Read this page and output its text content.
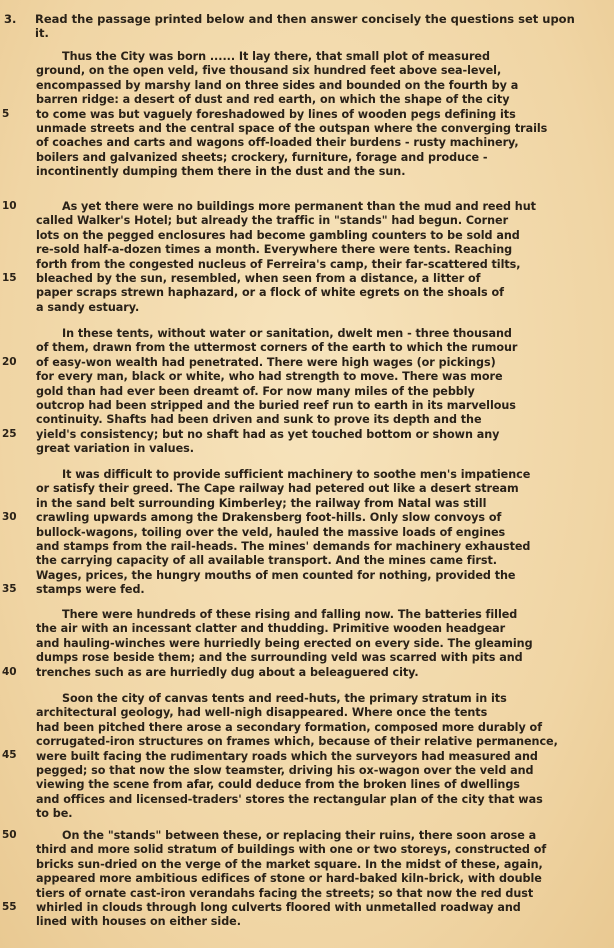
3. Read the passage printed below and then answer concisely the questions set upon
it.
Thus the City was born ...... It lay there, that small plot of measured
ground, on the open veld, five thousand six hundred feet above sea-level,
encompassed by marshy land on three sides and bounded on the fourth by a
barren ridge: a desert of dust and red earth, on which the shape of the city
to come was but vaguely foreshadowed by lines of wooden pegs defining its
unmade streets and the central space of the outspan where the converging trails
of coaches and carts and wagons off-loaded their burdens - rusty machinery,
boilers and galvanized sheets; crockery, furniture, forage and produce -
incontinently dumping them there in the dust and the sun.
As yet there were no buildings more permanent than the mud and reed hut
called Walker's Hotel; but already the traffic in "stands" had begun. Corner
lots on the pegged enclosures had become gambling counters to be sold and
re-sold half-a-dozen times a month. Everywhere there were tents. Reaching
forth from the congested nucleus of Ferreira's camp, their far-scattered tilts,
bleached by the sun, resembled, when seen from a distance, a litter of
paper scraps strewn haphazard, or a flock of white egrets on the shoals of
a sandy estuary.
In these tents, without water or sanitation, dwelt men - three thousand
of them, drawn from the uttermost corners of the earth to which the rumour
of easy-won wealth had penetrated. There were high wages (or pickings)
for every man, black or white, who had strength to move. There was more
gold than had ever been dreamt of. For now many miles of the pebbly
outcrop had been stripped and the buried reef run to earth in its marvellous
continuity. Shafts had been driven and sunk to prove its depth and the
yield's consistency; but no shaft had as yet touched bottom or shown any
great variation in values.
It was difficult to provide sufficient machinery to soothe men's impatience
or satisfy their greed. The Cape railway had petered out like a desert stream
in the sand belt surrounding Kimberley; the railway from Natal was still
crawling upwards among the Drakensberg foot-hills. Only slow convoys of
bullock-wagons, toiling over the veld, hauled the massive loads of engines
and stamps from the rail-heads. The mines' demands for machinery exhausted
the carrying capacity of all available transport. And the mines came first.
Wages, prices, the hungry mouths of men counted for nothing, provided the
stamps were fed.
There were hundreds of these rising and falling now. The batteries filled
the air with an incessant clatter and thudding. Primitive wooden headgear
and hauling-winches were hurriedly being erected on every side. The gleaming
dumps rose beside them; and the surrounding veld was scarred with pits and
trenches such as are hurriedly dug about a beleaguered city.
Soon the city of canvas tents and reed-huts, the primary stratum in its
architectural geology, had well-nigh disappeared. Where once the tents
had been pitched there arose a secondary formation, composed more durably of
corrugated-iron structures on frames which, because of their relative permanence,
were built facing the rudimentary roads which the surveyors had measured and
pegged; so that now the slow teamster, driving his ox-wagon over the veld and
viewing the scene from afar, could deduce from the broken lines of dwellings
and offices and licensed-traders' stores the rectangular plan of the city that was
to be.
On the "stands" between these, or replacing their ruins, there soon arose a
third and more solid stratum of buildings with one or two storeys, constructed of
bricks sun-dried on the verge of the market square. In the midst of these, again,
appeared more ambitious edifices of stone or hard-baked kiln-brick, with double
tiers of ornate cast-iron verandahs facing the streets; so that now the red dust
whirled in clouds through long culverts floored with unmetalled roadway and
lined with houses on either side.
5
10
15
20
25
30
35
40
45
50
55
